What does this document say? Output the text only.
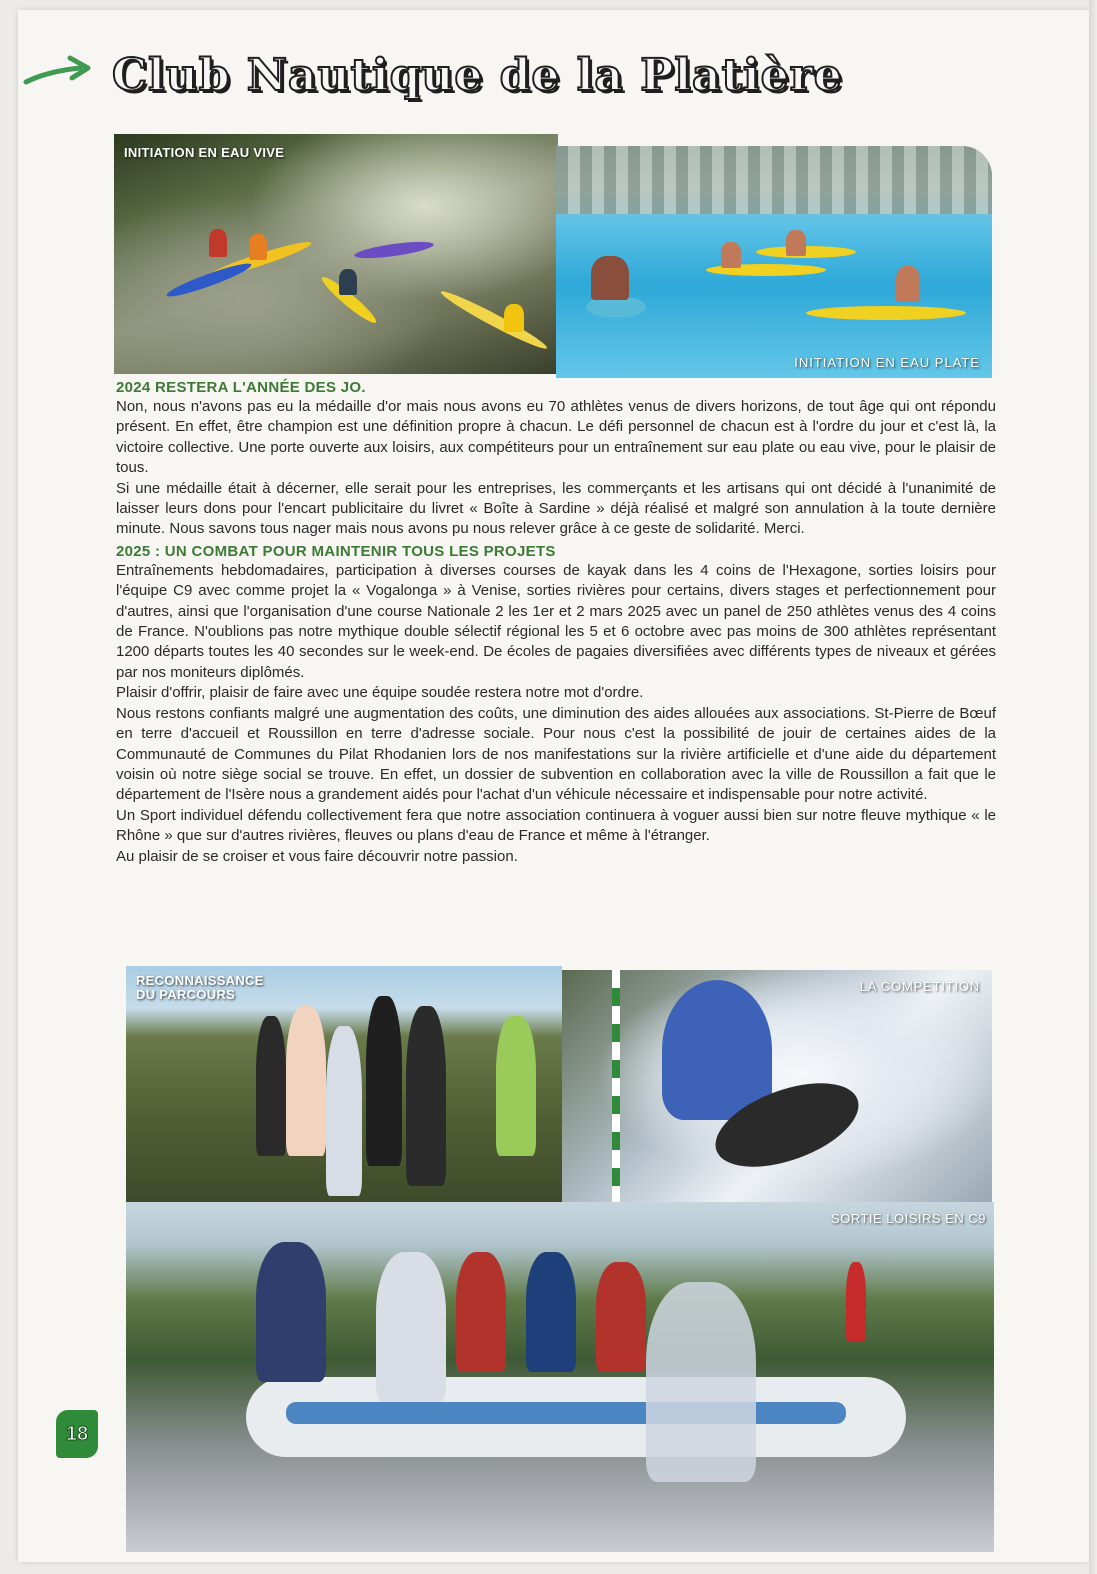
Club Nautique de la Platière
INITIATION EN EAU VIVE
INITIATION EN EAU PLATE
2024 RESTERA L'ANNÉE DES JO.

Non, nous n'avons pas eu la médaille d'or mais nous avons eu 70 athlètes venus de divers horizons, de tout âge qui ont répondu présent. En effet, être champion est une définition propre à chacun. Le défi personnel de chacun est à l'ordre du jour et c'est là, la victoire collective. Une porte ouverte aux loisirs, aux compétiteurs pour un entraînement sur eau plate ou eau vive, pour le plaisir de tous.

Si une médaille était à décerner, elle serait pour les entreprises, les commerçants et les artisans qui ont décidé à l'unanimité de laisser leurs dons pour l'encart publicitaire du livret « Boîte à Sardine » déjà réalisé et malgré son annulation à la toute dernière minute. Nous savons tous nager mais nous avons pu nous relever grâce à ce geste de solidarité. Merci.

2025 : UN COMBAT POUR MAINTENIR TOUS LES PROJETS

Entraînements hebdomadaires, participation à diverses courses de kayak dans les 4 coins de l'Hexagone, sorties loisirs pour l'équipe C9 avec comme projet la « Vogalonga » à Venise, sorties rivières pour certains, divers stages et perfectionnement pour d'autres, ainsi que l'organisation d'une course Nationale 2 les 1er et 2 mars 2025 avec un panel de 250 athlètes venus des 4 coins de France. N'oublions pas notre mythique double sélectif régional les 5 et 6 octobre avec pas moins de 300 athlètes représentant 1200 départs toutes les 40 secondes sur le week-end. De écoles de pagaies diversifiées avec différents types de niveaux et gérées par nos moniteurs diplômés.

Plaisir d'offrir, plaisir de faire avec une équipe soudée restera notre mot d'ordre.

Nous restons confiants malgré une augmentation des coûts, une diminution des aides allouées aux associations. St-Pierre de Bœuf en terre d'accueil et Roussillon en terre d'adresse sociale. Pour nous c'est la possibilité de jouir de certaines aides de la Communauté de Communes du Pilat Rhodanien lors de nos manifestations sur la rivière artificielle et d'une aide du département voisin où notre siège social se trouve. En effet, un dossier de subvention en collaboration avec la ville de Roussillon a fait que le département de l'Isère nous a grandement aidés pour l'achat d'un véhicule nécessaire et indispensable pour notre activité.

Un Sport individuel défendu collectivement fera que notre association continuera à voguer aussi bien sur notre fleuve mythique « le Rhône » que sur d'autres rivières, fleuves ou plans d'eau de France et même à l'étranger.

Au plaisir de se croiser et vous faire découvrir notre passion.

RECONNAISSANCE
DU PARCOURS
LA COMPETITION
SORTIE LOISIRS EN C9
18
